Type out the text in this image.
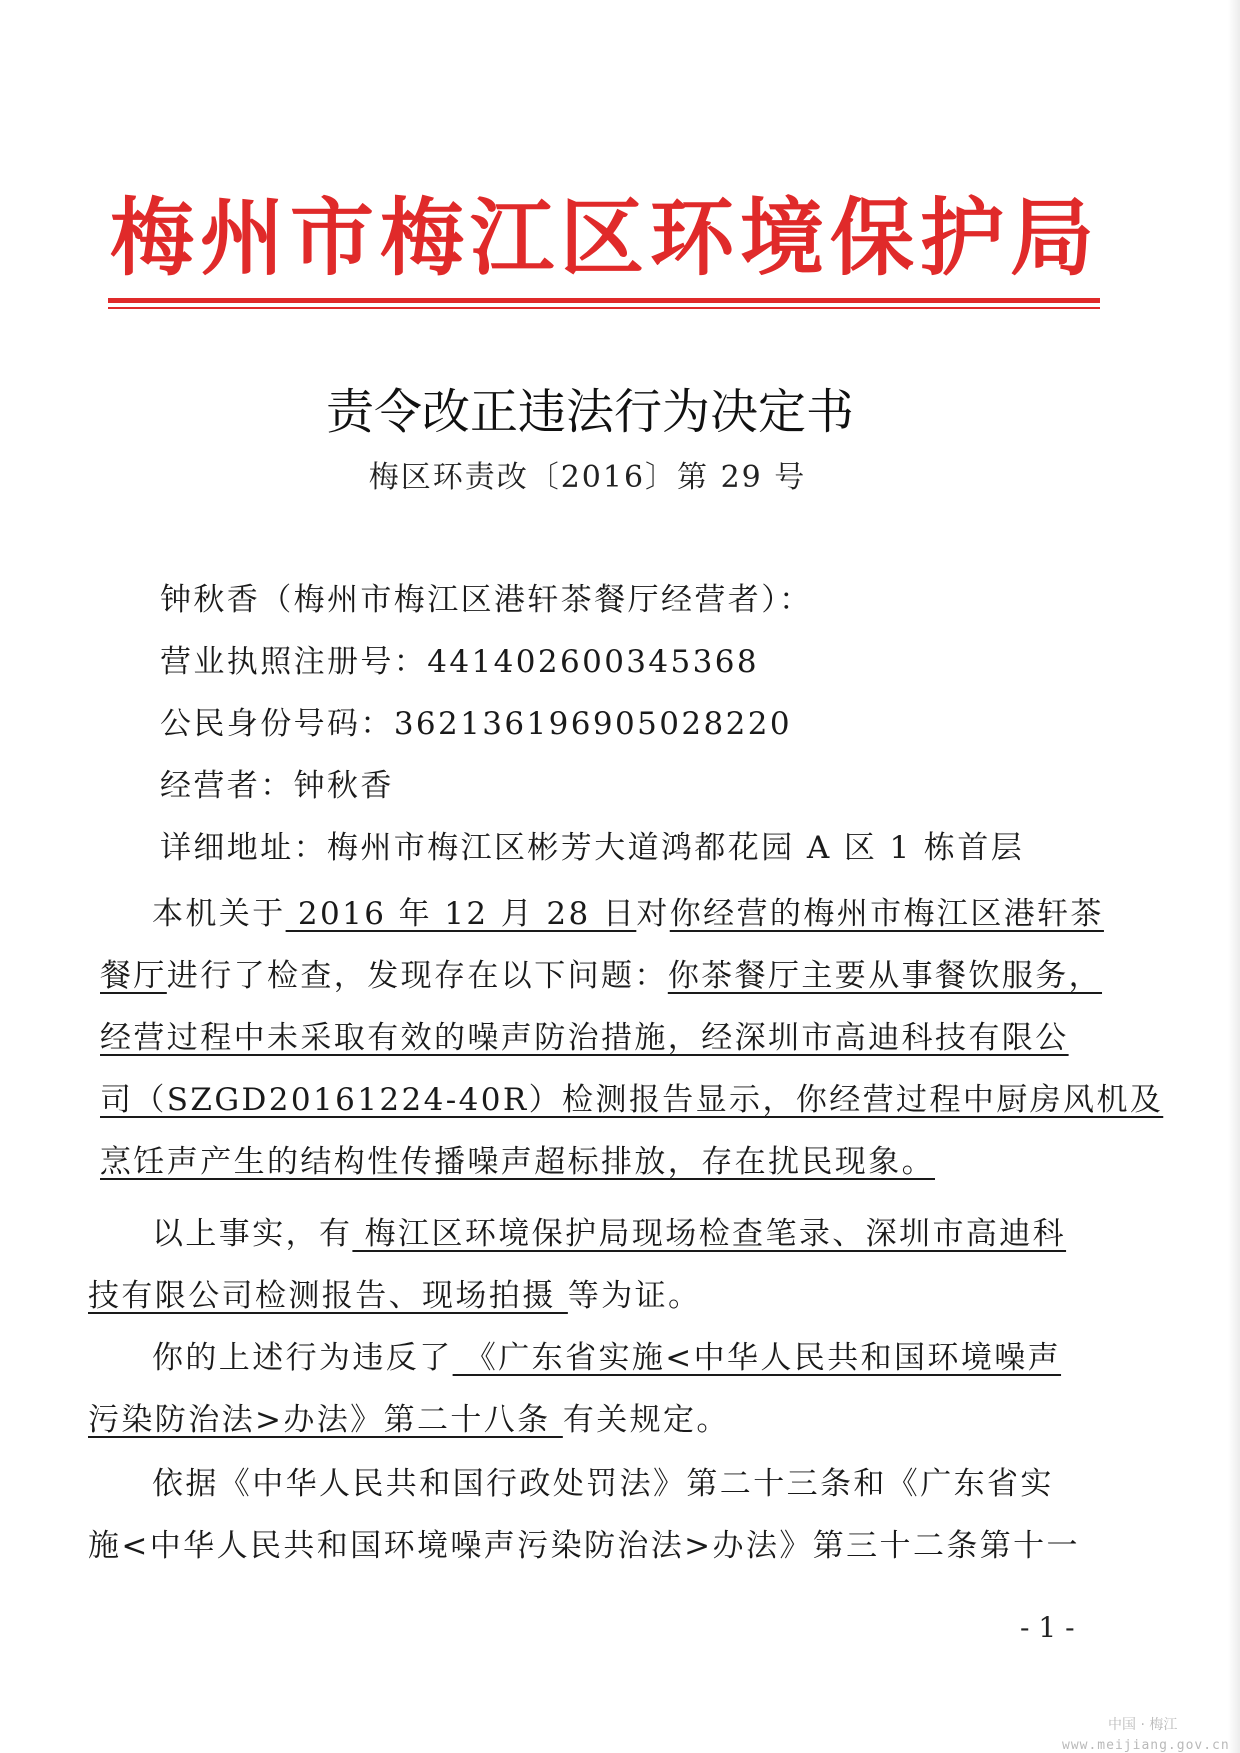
梅州市梅江区环境保护局
责令改正违法行为决定书
梅区环责改〔2016〕第 29 号
钟秋香（梅州市梅江区港轩茶餐厅经营者）：
营业执照注册号：441402600345368
公民身份号码：362136196905028220
经营者：钟秋香
详细地址：梅州市梅江区彬芳大道鸿都花园 A 区 1 栋首层
本机关于 2016 年 12 月 28 日对你经营的梅州市梅江区港轩茶
餐厅进行了检查，发现存在以下问题：你茶餐厅主要从事餐饮服务，
经营过程中未采取有效的噪声防治措施，经深圳市高迪科技有限公
司（SZGD20161224-40R）检测报告显示，你经营过程中厨房风机及
烹饪声产生的结构性传播噪声超标排放，存在扰民现象。
以上事实，有 梅江区环境保护局现场检查笔录、深圳市高迪科
技有限公司检测报告、现场拍摄 等为证。
你的上述行为违反了 《广东省实施<中华人民共和国环境噪声
污染防治法>办法》第二十八条 有关规定。
依据《中华人民共和国行政处罚法》第二十三条和《广东省实
施<中华人民共和国环境噪声污染防治法>办法》第三十二条第十一
- 1 -
中国 · 梅江
www.meijiang.gov.cn
